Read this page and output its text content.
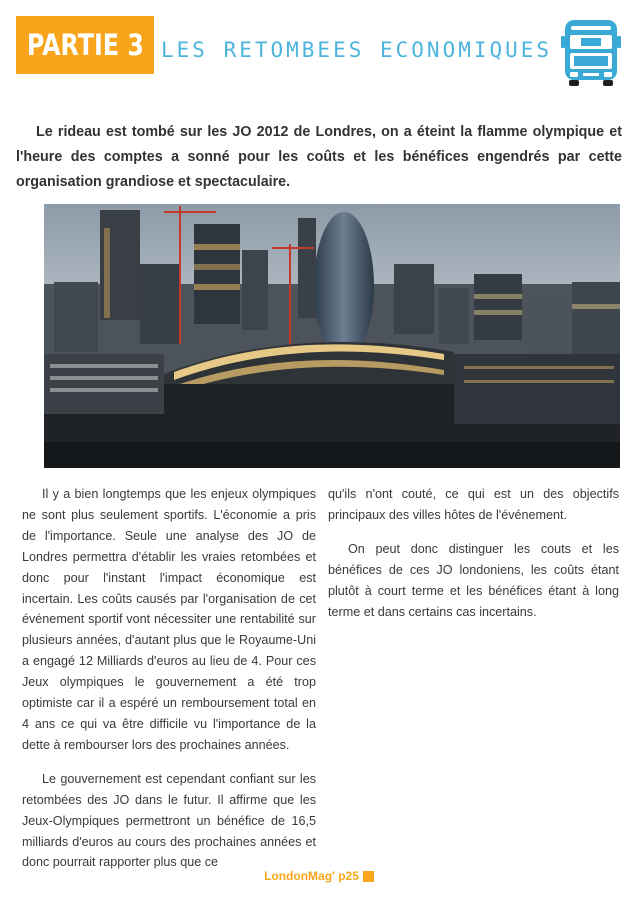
PARTIE 3 LES RETOMBEES ECONOMIQUES

Le rideau est tombé sur les JO 2012 de Londres, on a éteint la flamme olympique et l'heure des comptes a sonné pour les coûts et les bénéfices engendrés par cette organisation grandiose et spectaculaire.

Il y a bien longtemps que les enjeux olympiques ne sont plus seulement sportifs. L'économie a pris de l'importance. Seule une analyse des JO de Londres permettra d'établir les vraies retombées et donc pour l'instant l'impact économique est incertain. Les coûts causés par l'organisation de cet événement sportif vont nécessiter une rentabilité sur plusieurs années, d'autant plus que le Royaume-Uni a engagé 12 Milliards d'euros au lieu de 4. Pour ces Jeux olympiques le gouvernement a été trop optimiste car il a espéré un remboursement total en 4 ans ce qui va être difficile vu l'importance de la dette à rembourser lors des prochaines années.

Le gouvernement est cependant confiant sur les retombées des JO dans le futur. Il affirme que les Jeux-Olympiques permettront un bénéfice de 16,5 milliards d'euros au cours des prochaines années et donc pourrait rapporter plus que ce

qu'ils n'ont couté, ce qui est un des objectifs principaux des villes hôtes de l'événement.

On peut donc distinguer les couts et les bénéfices de ces JO londoniens, les coûts étant plutôt à court terme et les bénéfices étant à long terme et dans certains cas incertains.

LondonMag' p25
